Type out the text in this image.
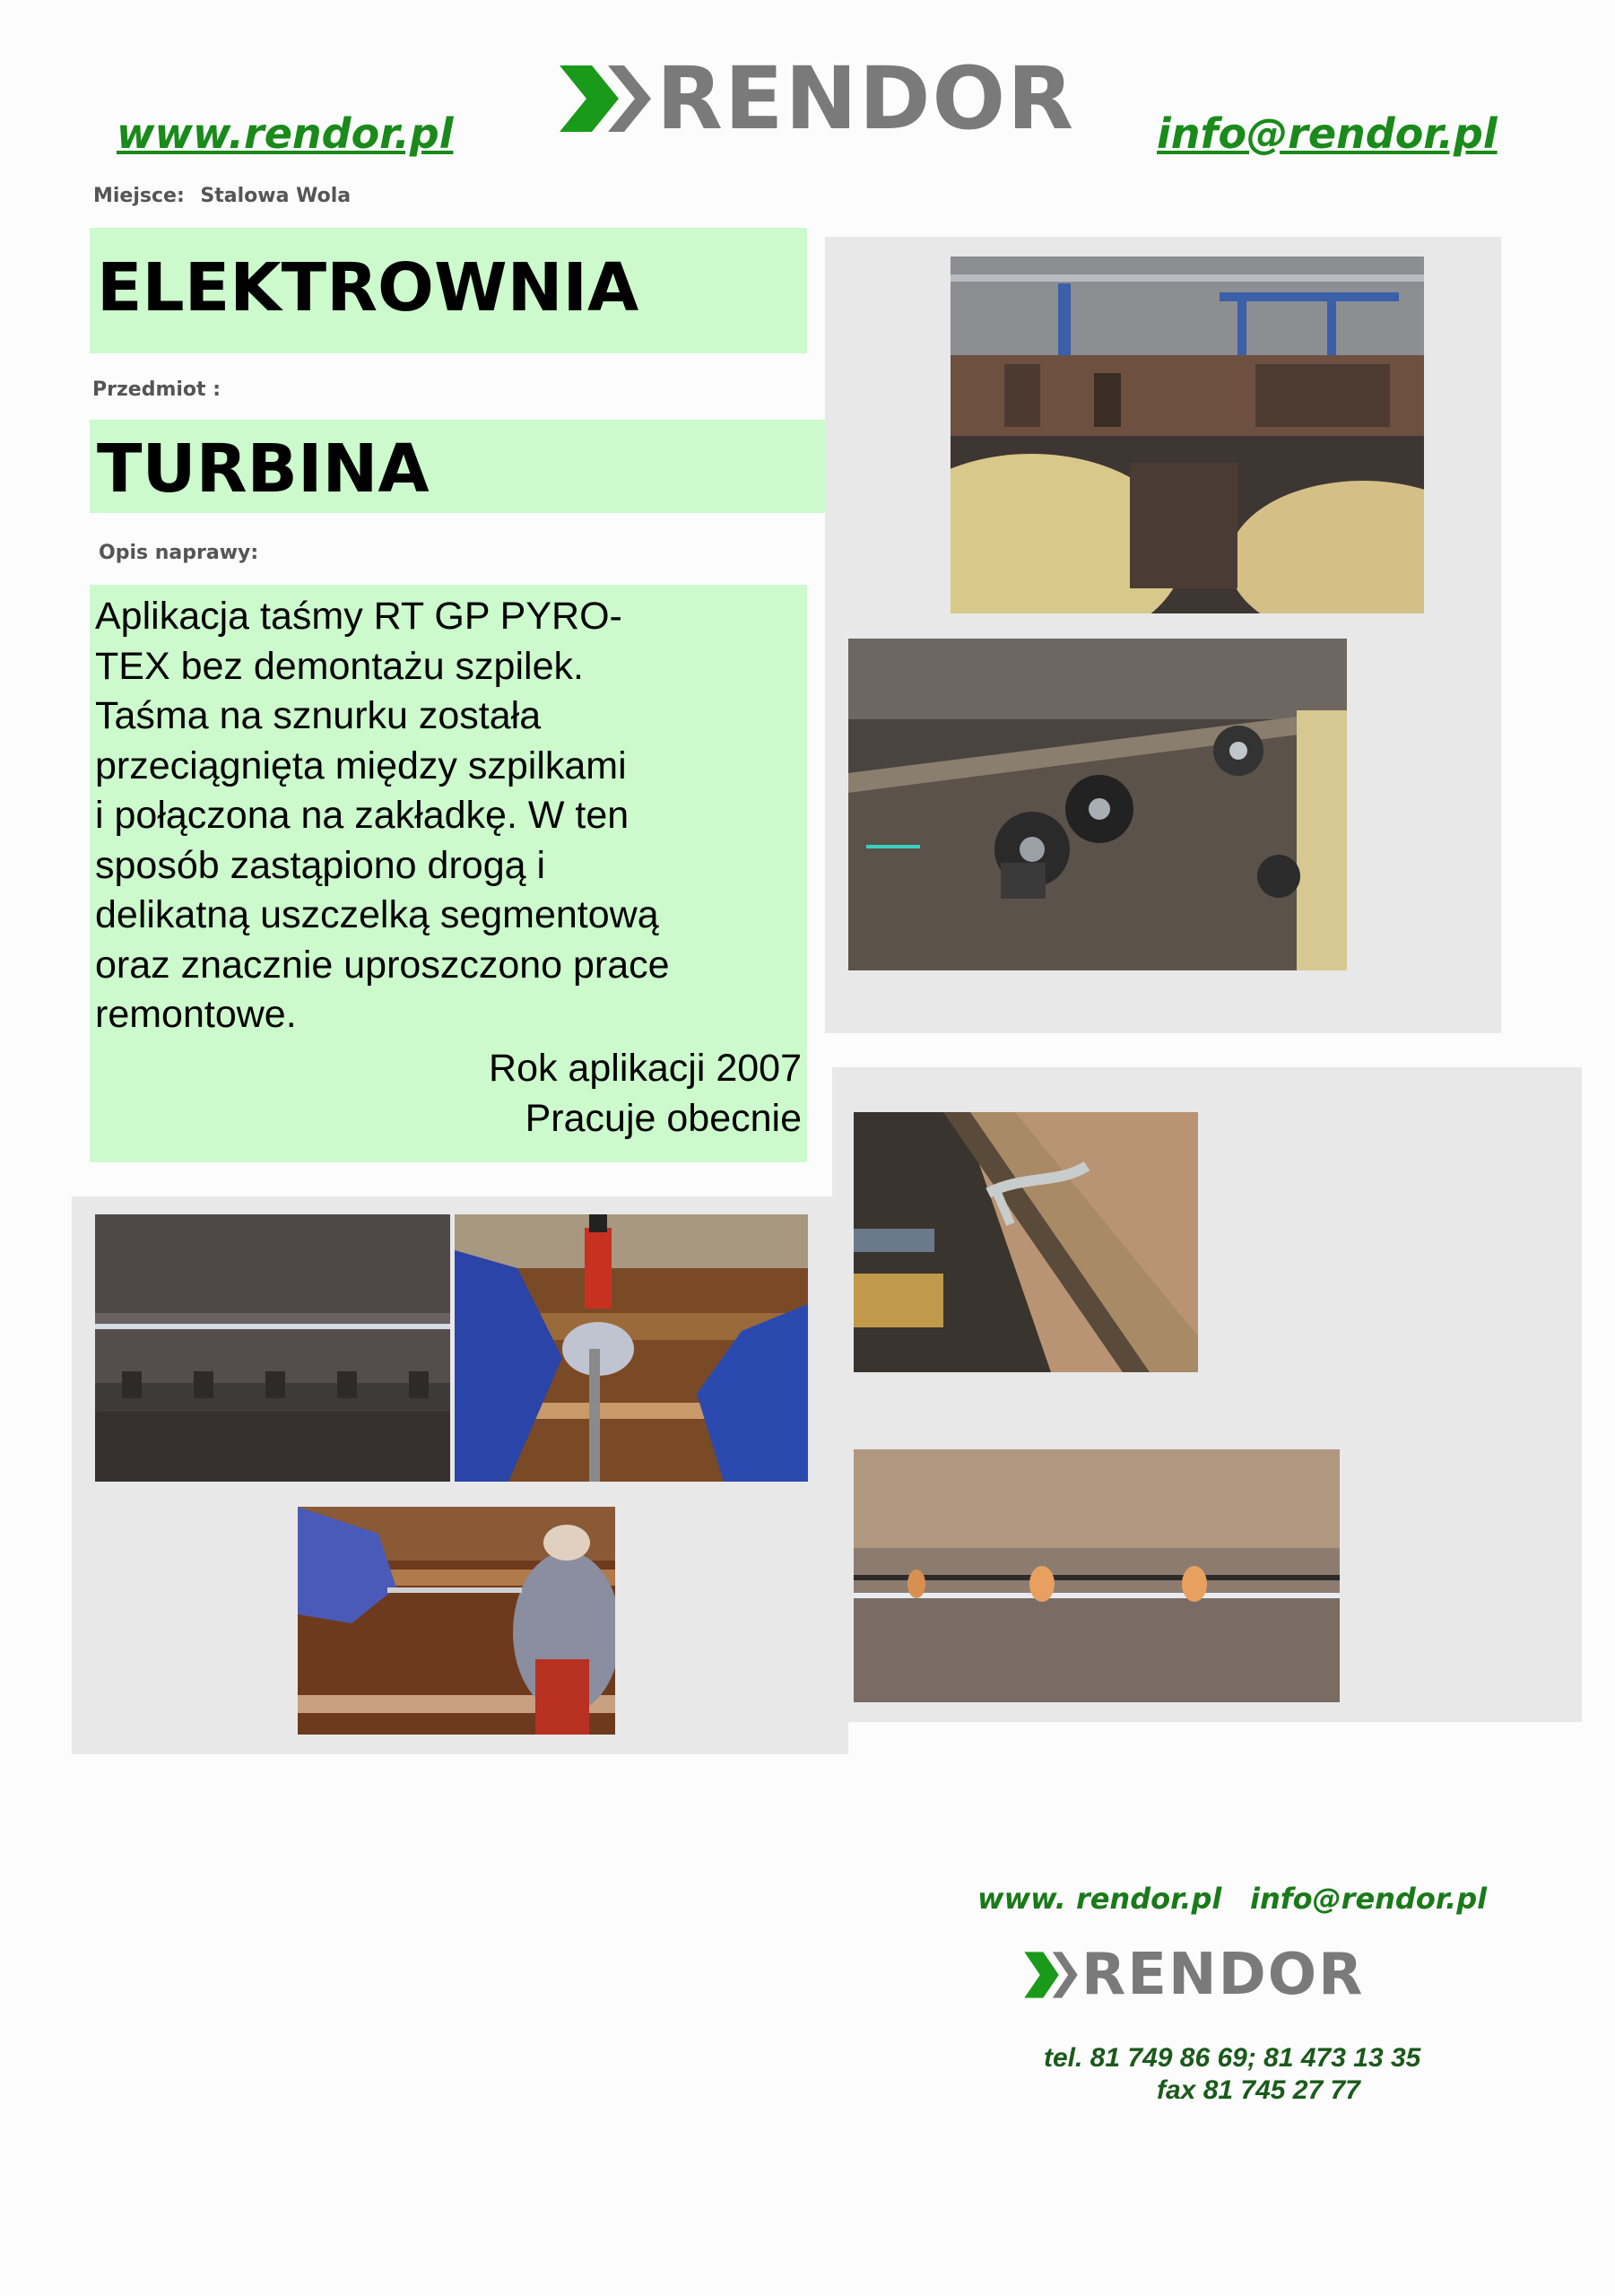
RENDOR
www.rendor.pl	info@rendor.pl
Miejsce: Stalowa Wola
ELEKTROWNIA
Przedmiot :
TURBINA
Opis naprawy:

Aplikacja taśmy RT GP PYRO-
TEX bez demontażu szpilek.
Taśma na sznurku została
przeciągnięta między szpilkami
i połączona na zakładkę. W ten
sposób zastąpiono drogą i
delikatną uszczelką segmentową
oraz znacznie uproszczono prace
remontowe.

Rok aplikacji 2007
Pracuje obecnie
www. rendor.pl info@rendor.pl
RENDOR
tel. 81 749 86 69; 81 473 13 35
fax 81 745 27 77
